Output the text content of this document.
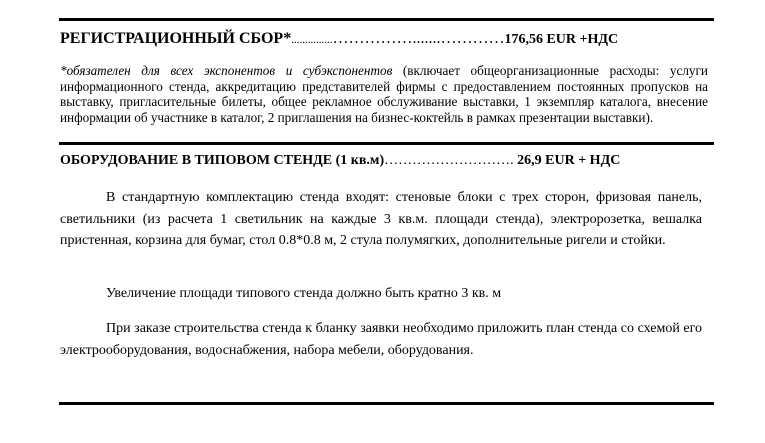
РЕГИСТРАЦИОННЫЙ СБОР*...............…………….......…………176,56 EUR +НДС
*обязателен для всех экспонентов и субэкспонентов (включает общеорганизационные расходы: услуги информационного стенда, аккредитацию представителей фирмы с предоставлением постоянных пропусков на выставку, пригласительные билеты, общее рекламное обслуживание выставки, 1 экземпляр каталога, внесение информации об участнике в каталог, 2 приглашения на бизнес-коктейль в рамках презентации выставки).
ОБОРУДОВАНИЕ В ТИПОВОМ СТЕНДЕ (1 кв.м)………………………. 26,9 EUR + НДС
В стандартную комплектацию стенда входят: стеновые блоки с трех сторон, фризовая панель, светильники (из расчета 1 светильник на каждые 3 кв.м. площади стенда), электророзетка, вешалка пристенная, корзина для бумаг, стол 0.8*0.8 м, 2 стула полумягких, дополнительные ригели и стойки.
Увеличение площади типового стенда должно быть кратно 3 кв. м
При заказе строительства стенда к бланку заявки необходимо приложить план стенда со схемой его электрооборудования, водоснабжения, набора мебели, оборудования.
